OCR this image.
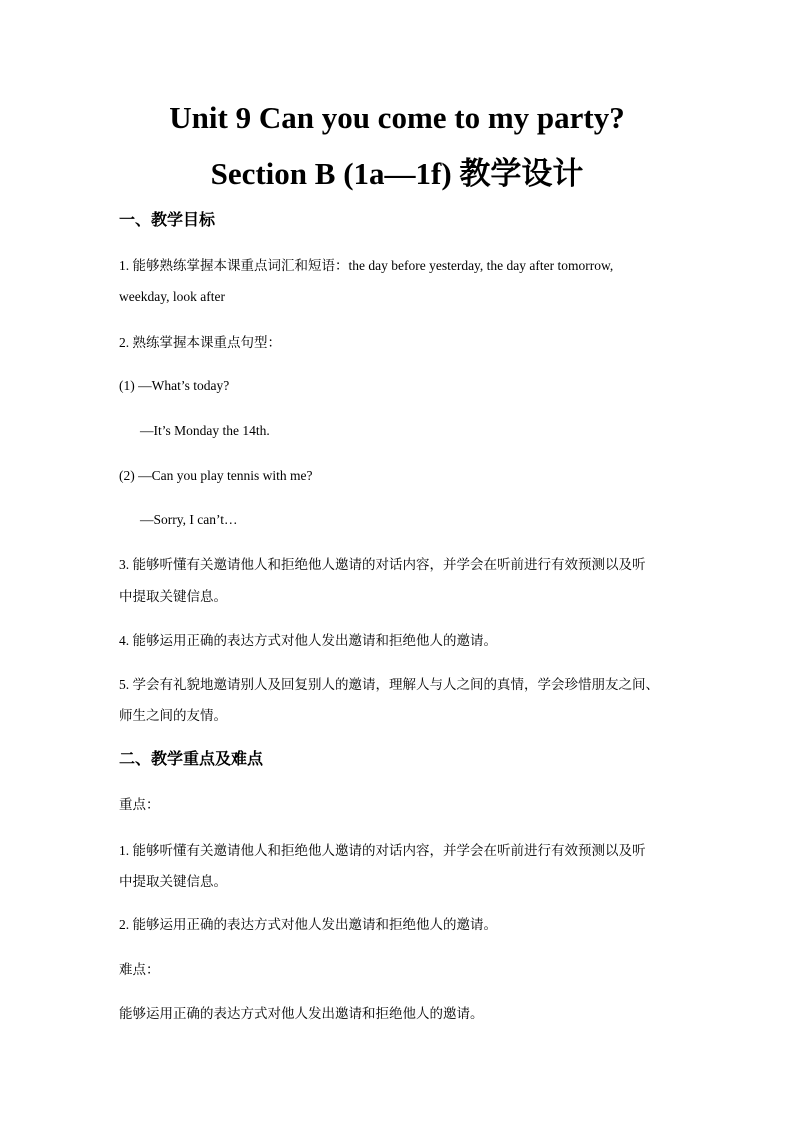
Unit 9 Can you come to my party?
Section B (1a—1f) 教学设计
一、教学目标
1. 能够熟练掌握本课重点词汇和短语：the day before yesterday, the day after tomorrow,
weekday, look after
2. 熟练掌握本课重点句型：
(1) —What’s today?
—It’s Monday the 14th.
(2) —Can you play tennis with me?
—Sorry, I can’t…
3. 能够听懂有关邀请他人和拒绝他人邀请的对话内容，并学会在听前进行有效预测以及听
中提取关键信息。
4. 能够运用正确的表达方式对他人发出邀请和拒绝他人的邀请。
5. 学会有礼貌地邀请别人及回复别人的邀请，理解人与人之间的真情，学会珍惜朋友之间、
师生之间的友情。
二、教学重点及难点
重点：
1. 能够听懂有关邀请他人和拒绝他人邀请的对话内容，并学会在听前进行有效预测以及听
中提取关键信息。
2. 能够运用正确的表达方式对他人发出邀请和拒绝他人的邀请。
难点：
能够运用正确的表达方式对他人发出邀请和拒绝他人的邀请。
